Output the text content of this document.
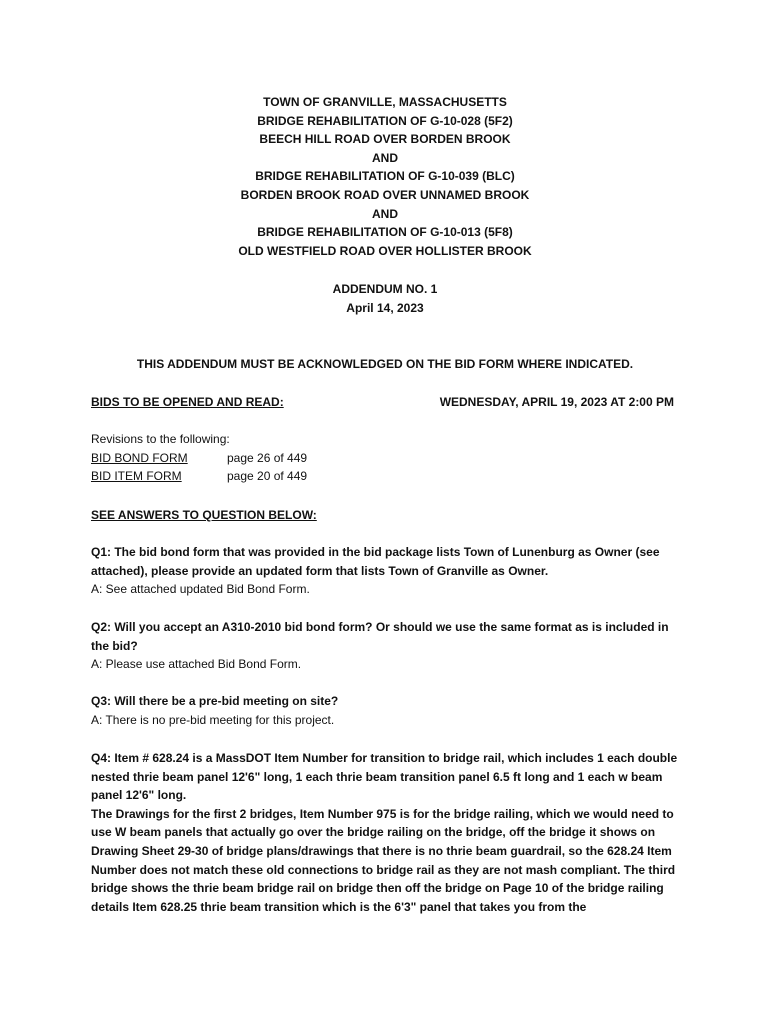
TOWN OF GRANVILLE, MASSACHUSETTS
BRIDGE REHABILITATION OF G-10-028 (5F2)
BEECH HILL ROAD OVER BORDEN BROOK
AND
BRIDGE REHABILITATION OF G-10-039 (BLC)
BORDEN BROOK ROAD OVER UNNAMED BROOK
AND
BRIDGE REHABILITATION OF G-10-013 (5F8)
OLD WESTFIELD ROAD OVER HOLLISTER BROOK
ADDENDUM NO. 1
April 14, 2023
THIS ADDENDUM MUST BE ACKNOWLEDGED ON THE BID FORM WHERE INDICATED.
BIDS TO BE OPENED AND READ:	WEDNESDAY, APRIL 19, 2023 AT 2:00 PM
Revisions to the following:
BID BOND FORM	page 26 of 449
BID ITEM FORM	page 20 of 449
SEE ANSWERS TO QUESTION BELOW:
Q1: The bid bond form that was provided in the bid package lists Town of Lunenburg as Owner (see attached), please provide an updated form that lists Town of Granville as Owner.
A: See attached updated Bid Bond Form.
Q2: Will you accept an A310-2010 bid bond form? Or should we use the same format as is included in the bid?
A: Please use attached Bid Bond Form.
Q3: Will there be a pre-bid meeting on site?
A: There is no pre-bid meeting for this project.
Q4: Item # 628.24 is a MassDOT Item Number for transition to bridge rail, which includes 1 each double nested thrie beam panel 12'6" long, 1 each thrie beam transition panel 6.5 ft long and 1 each w beam panel 12'6" long.
The Drawings for the first 2 bridges, Item Number 975 is for the bridge railing, which we would need to use W beam panels that actually go over the bridge railing on the bridge, off the bridge it shows on Drawing Sheet 29-30 of bridge plans/drawings that there is no thrie beam guardrail, so the 628.24 Item Number does not match these old connections to bridge rail as they are not mash compliant. The third bridge shows the thrie beam bridge rail on bridge then off the bridge on Page 10 of the bridge railing details Item 628.25 thrie beam transition which is the 6'3" panel that takes you from the
